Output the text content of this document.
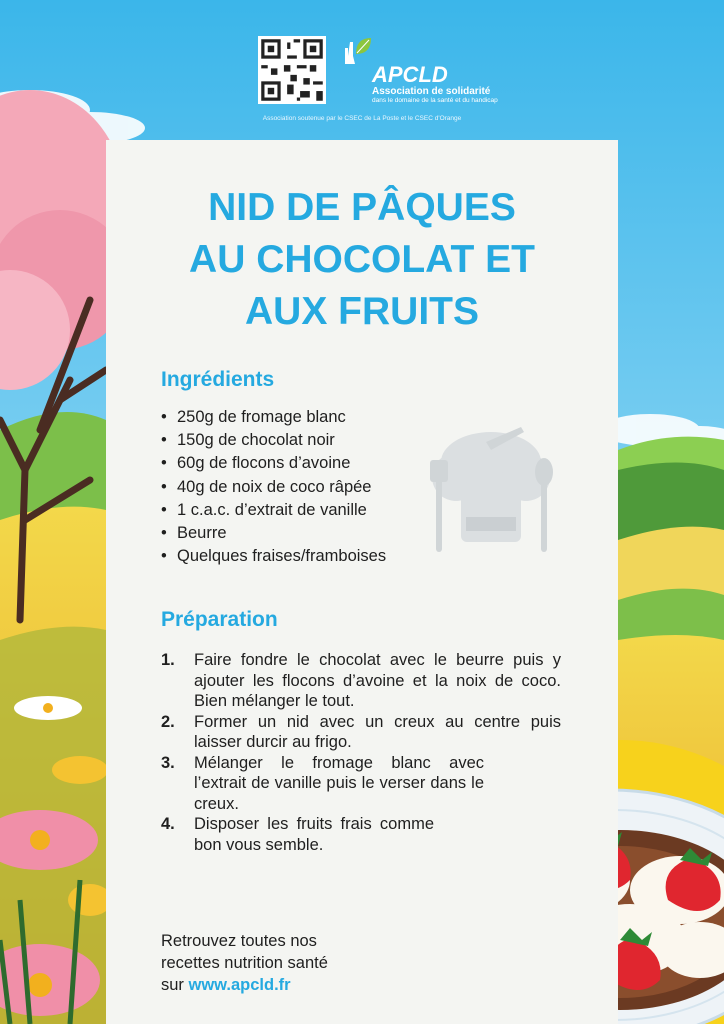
APCLD
Association de solidarité
dans le domaine de la santé et du handicap
Association soutenue par le CSEC de La Poste et le CSEC d'Orange
NID DE PÂQUES
AU CHOCOLAT ET
AUX FRUITS
Ingrédients
• 250g de fromage blanc
• 150g de chocolat noir
• 60g de flocons d’avoine
• 40g de noix de coco râpée
• 1 c.a.c. d’extrait de vanille
• Beurre
• Quelques fraises/framboises
Préparation
1. Faire fondre le chocolat avec le beurre puis y ajouter les flocons d’avoine et la noix de coco. Bien mélanger le tout.
2. Former un nid avec un creux au centre puis laisser durcir au frigo.
3. Mélanger le fromage blanc avec l’extrait de vanille puis le verser dans le creux.
4. Disposer les fruits frais comme bon vous semble.
Retrouvez toutes nos
recettes nutrition santé
sur www.apcld.fr
